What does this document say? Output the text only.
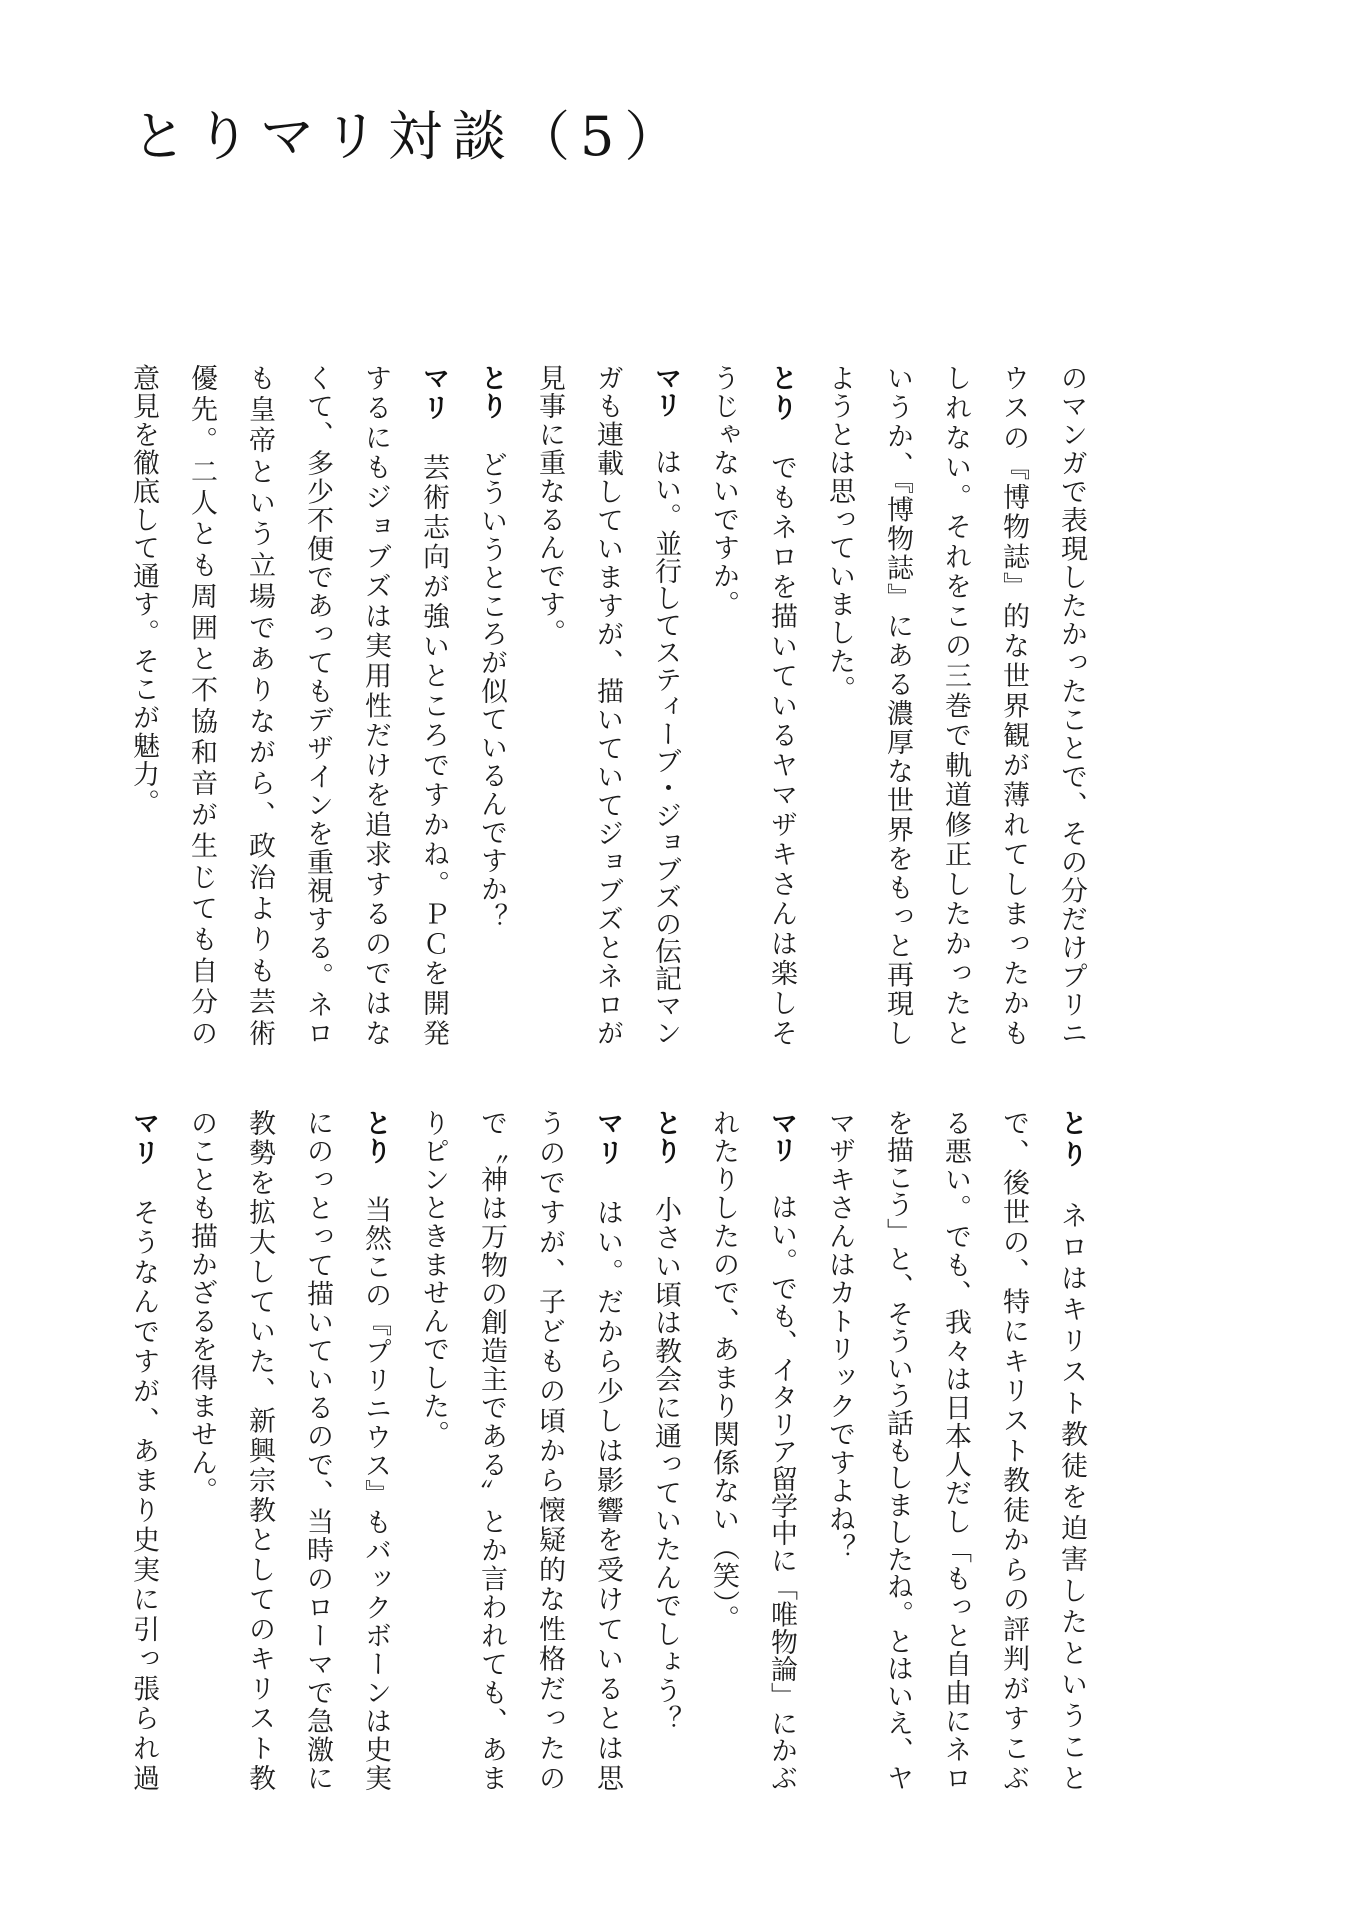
とりマリ対談（5）
のマンガで表現したかったことで、その分だけプリニ
ウスの『博物誌』的な世界観が薄れてしまったかも
しれない。それをこの三巻で軌道修正したかったと
いうか、『博物誌』にある濃厚な世界をもっと再現し
ようとは思っていました。
とりでもネロを描いているヤマザキさんは楽しそ
うじゃないですか。
マリはい。並行してスティーブ・ジョブズの伝記マン
ガも連載していますが、描いていてジョブズとネロが
見事に重なるんです。
とりどういうところが似ているんですか？
マリ芸術志向が強いところですかね。ＰＣを開発
するにもジョブズは実用性だけを追求するのではな
くて、多少不便であってもデザインを重視する。ネロ
も皇帝という立場でありながら、政治よりも芸術
優先。二人とも周囲と不協和音が生じても自分の
意見を徹底して通す。そこが魅力。
とりネロはキリスト教徒を迫害したということ
で、後世の、特にキリスト教徒からの評判がすこぶ
る悪い。でも、我々は日本人だし「もっと自由にネロ
を描こう」と、そういう話もしましたね。とはいえ、ヤ
マザキさんはカトリックですよね？
マリはい。でも、イタリア留学中に「唯物論」にかぶ
れたりしたので、あまり関係ない（笑）。
とり小さい頃は教会に通っていたんでしょう？
マリはい。だから少しは影響を受けているとは思
うのですが、子どもの頃から懐疑的な性格だったの
で〝神は万物の創造主である〟とか言われても、あま
りピンときませんでした。
とり当然この『プリニウス』もバックボーンは史実
にのっとって描いているので、当時のローマで急激に
教勢を拡大していた、新興宗教としてのキリスト教
のことも描かざるを得ません。
マリそうなんですが、あまり史実に引っ張られ過
